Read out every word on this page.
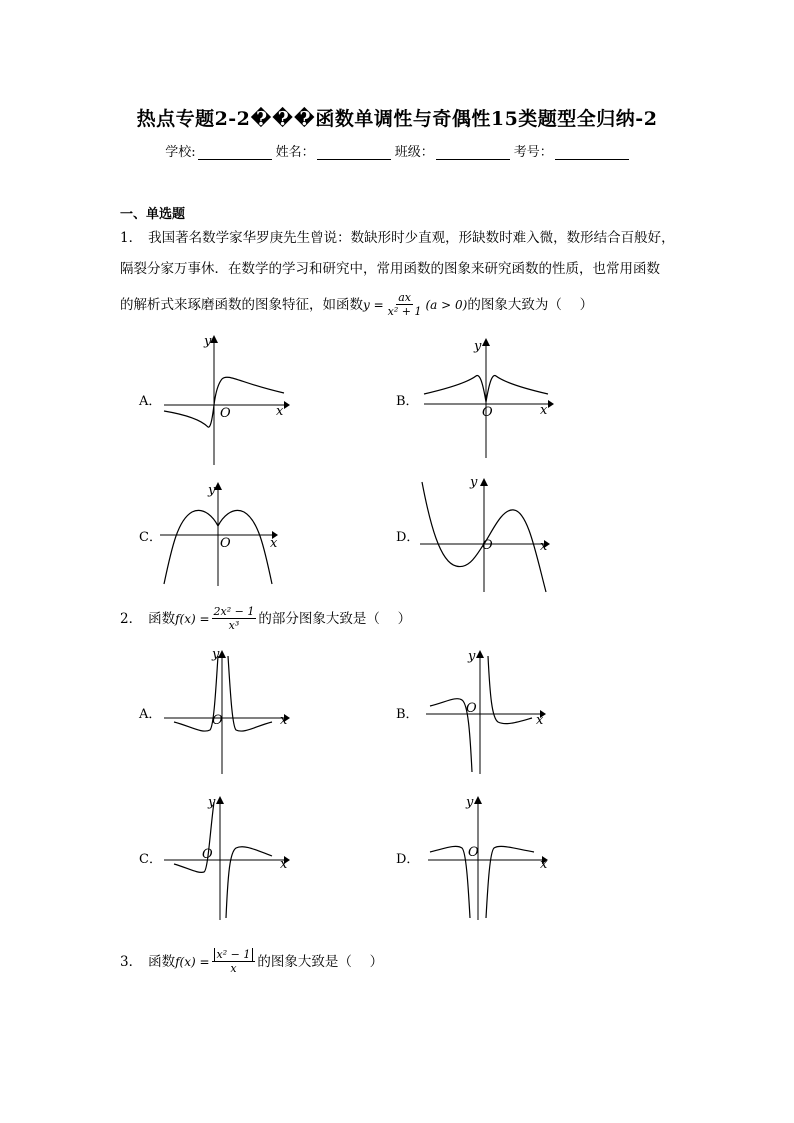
热点专题2-2���函数单调性与奇偶性15类题型全归纳-2
学校:	姓名：	班级：	考号：
一、单选题
1． 我国著名数学家华罗庚先生曾说：数缺形时少直观，形缺数时难入微，数形结合百般好，
隔裂分家万事休．在数学的学习和研究中，常用函数的图象来研究函数的性质，也常用函数
的解析式来琢磨函数的图象特征，如函数 $y = \frac{ax}{\text{x² + 1}} (a > 0)$ 的图象大致为（　 ）
A．
O	x
y
B．
O	x
y
C．	O	x
y
D．
O	x
y
2． 函数 $f(x) = \frac{\text{2x² − 1}}{\text{x³}}$ 的部分图象大致是（　 ）
A．	O	x
y
B．	O
x
y
C．	O
x
y
D．	O
x
y
3． 函数 $f(x) = \frac{\text{x² − 1}}{x}$ 的图象大致是（　 ）
